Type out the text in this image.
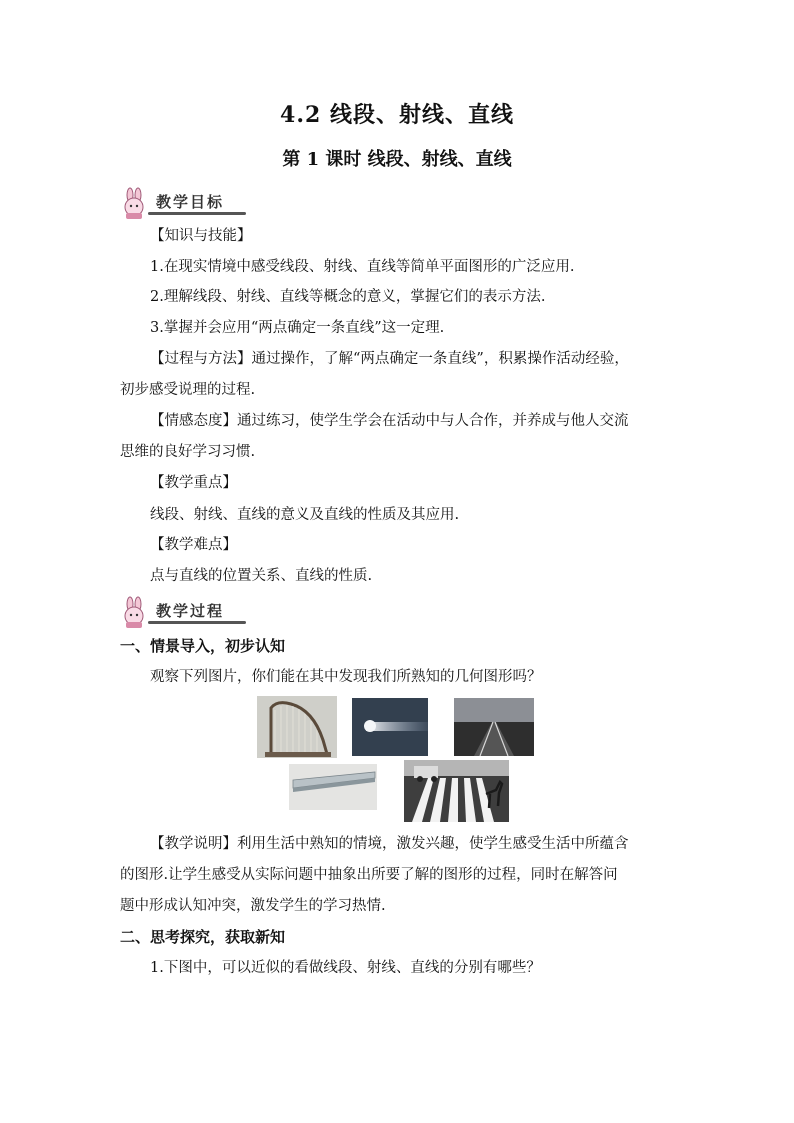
4.2 线段、射线、直线
第 1 课时 线段、射线、直线
教学目标
【知识与技能】
1.在现实情境中感受线段、射线、直线等简单平面图形的广泛应用.
2.理解线段、射线、直线等概念的意义，掌握它们的表示方法.
3.掌握并会应用“两点确定一条直线”这一定理.
【过程与方法】通过操作，了解“两点确定一条直线”，积累操作活动经验，
初步感受说理的过程.
【情感态度】通过练习，使学生学会在活动中与人合作，并养成与他人交流
思维的良好学习习惯.
【教学重点】
线段、射线、直线的意义及直线的性质及其应用.
【教学难点】
点与直线的位置关系、直线的性质.
教学过程
一、情景导入，初步认知
观察下列图片，你们能在其中发现我们所熟知的几何图形吗？
【教学说明】利用生活中熟知的情境，激发兴趣，使学生感受生活中所蕴含
的图形.让学生感受从实际问题中抽象出所要了解的图形的过程，同时在解答问
题中形成认知冲突，激发学生的学习热情.
二、思考探究，获取新知
1.下图中，可以近似的看做线段、射线、直线的分别有哪些？
